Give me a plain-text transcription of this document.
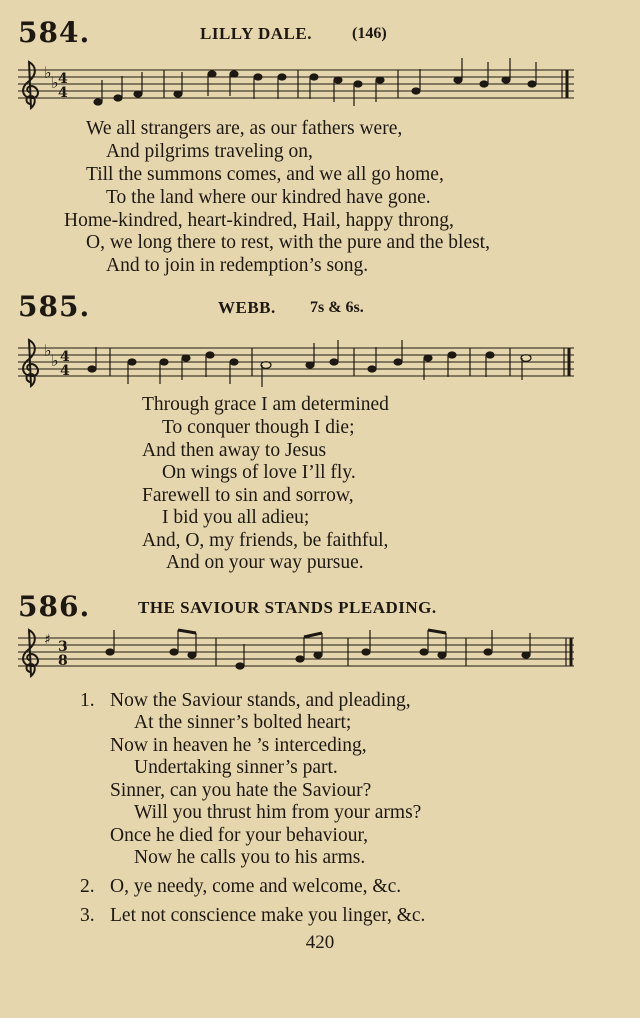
584.	LILLY DALE.	(146)
♭
♭ 4
4
We all strangers are, as our fathers were,
And pilgrims traveling on,
Till the summons comes, and we all go home,
To the land where our kindred have gone.
Home-kindred, heart-kindred, Hail, happy throng,
O, we long there to rest, with the pure and the blest,
And to join in redemption’s song.
585.	WEBB. 7s & 6s.
♭
♭ 4
4
Through grace I am determined
To conquer though I die;
And then away to Jesus
On wings of love I’ll fly.
Farewell to sin and sorrow,
I bid you all adieu;
And, O, my friends, be faithful,
And on your way pursue.
586.	THE SAVIOUR STANDS PLEADING.
♯ 3
8
1. Now the Saviour stands, and pleading,
At the sinner’s bolted heart;
Now in heaven he ’s interceding,
Undertaking sinner’s part.
Sinner, can you hate the Saviour?
Will you thrust him from your arms?
Once he died for your behaviour,
Now he calls you to his arms.
2. O, ye needy, come and welcome, &c.
3. Let not conscience make you linger, &c.
420
